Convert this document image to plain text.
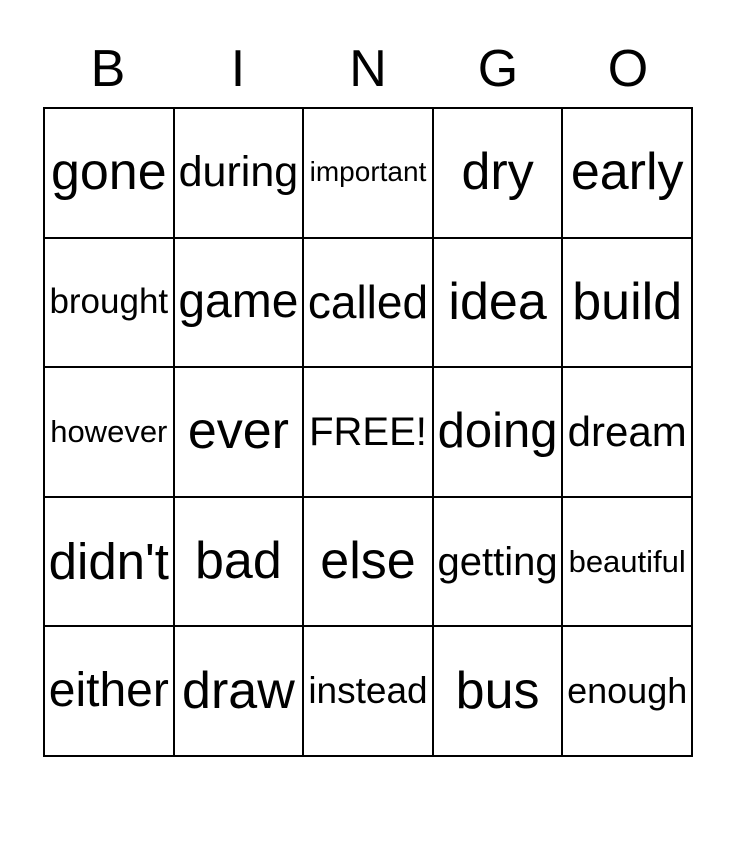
B	I	N	G	O
gone	during	important	dry	early
brought	game	called	idea	build
however	ever	FREE!	doing	dream
didn't	bad	else	getting	beautiful
either	draw	instead	bus	enough
